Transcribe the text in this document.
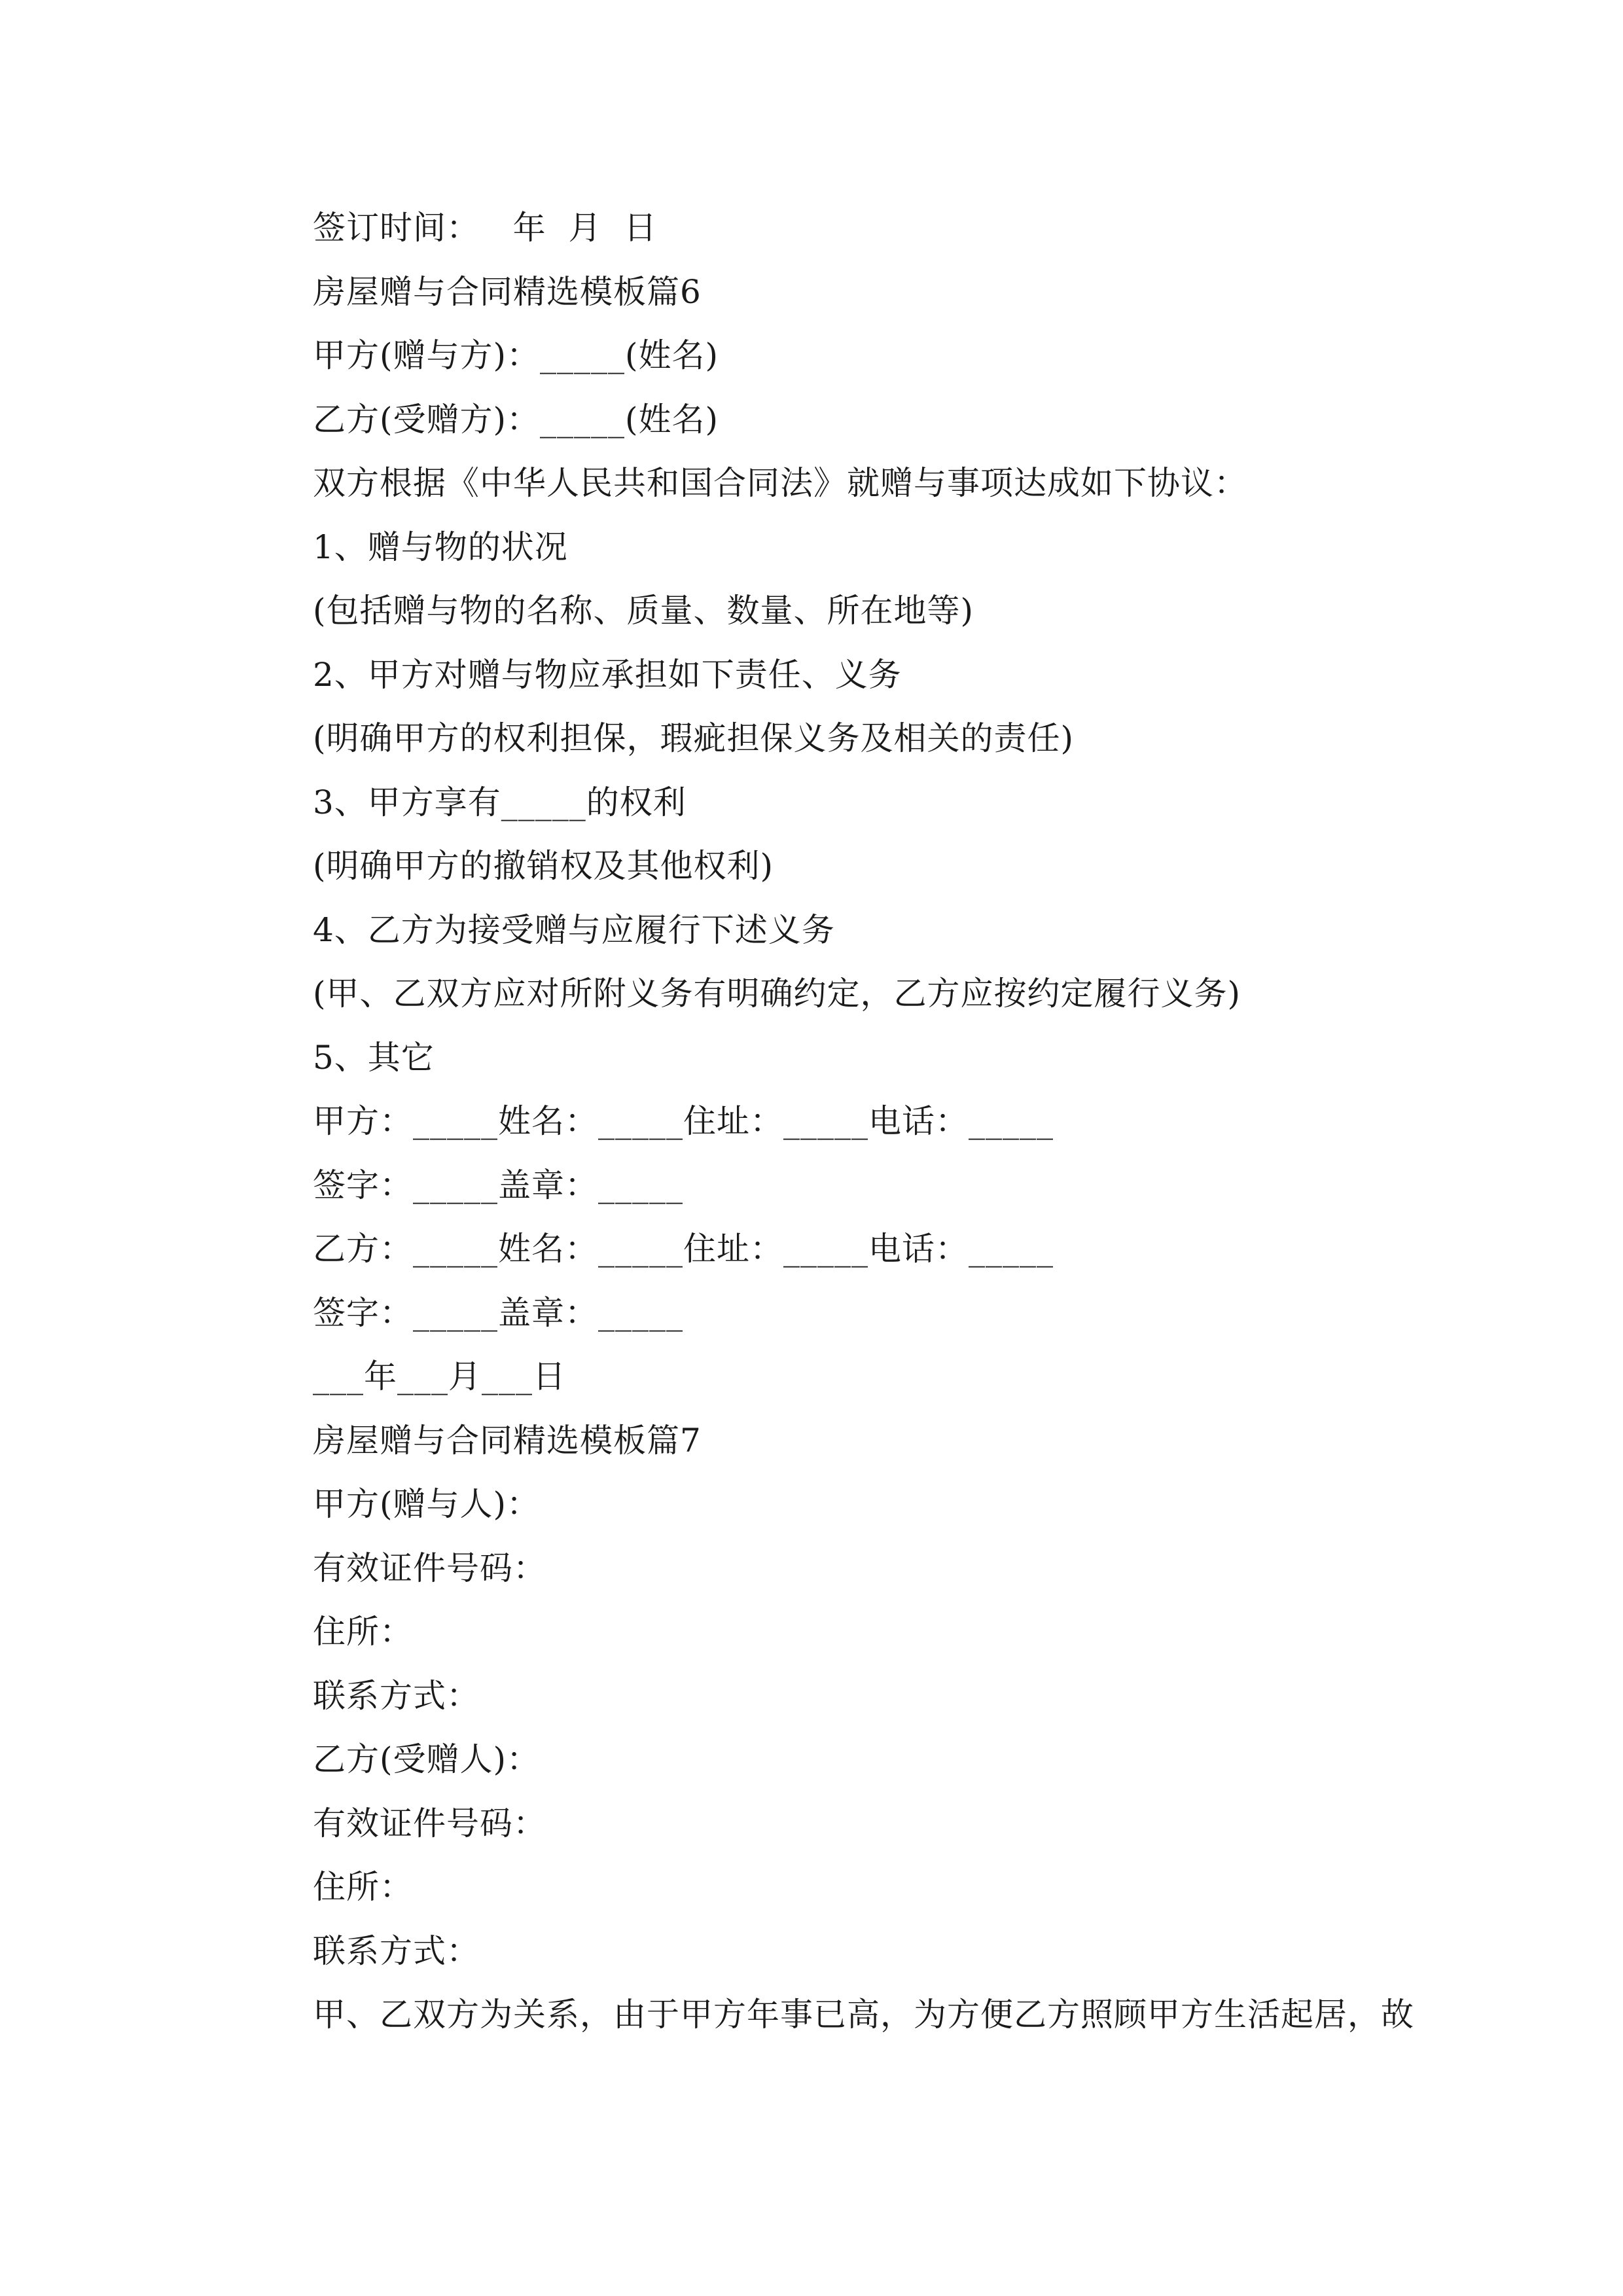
签订时间：   年  月  日
房屋赠与合同精选模板篇6
甲方(赠与方)：_____(姓名)
乙方(受赠方)：_____(姓名)
双方根据《中华人民共和国合同法》就赠与事项达成如下协议：
1、赠与物的状况
(包括赠与物的名称、质量、数量、所在地等)
2、甲方对赠与物应承担如下责任、义务
(明确甲方的权利担保，瑕疵担保义务及相关的责任)
3、甲方享有_____的权利
(明确甲方的撤销权及其他权利)
4、乙方为接受赠与应履行下述义务
(甲、乙双方应对所附义务有明确约定，乙方应按约定履行义务)
5、其它
甲方：_____姓名：_____住址：_____电话：_____
签字：_____盖章：_____
乙方：_____姓名：_____住址：_____电话：_____
签字：_____盖章：_____
___年___月___日
房屋赠与合同精选模板篇7
甲方(赠与人)：
有效证件号码：
住所：
联系方式：
乙方(受赠人)：
有效证件号码：
住所：
联系方式：
甲、乙双方为关系，由于甲方年事已高，为方便乙方照顾甲方生活起居，故
